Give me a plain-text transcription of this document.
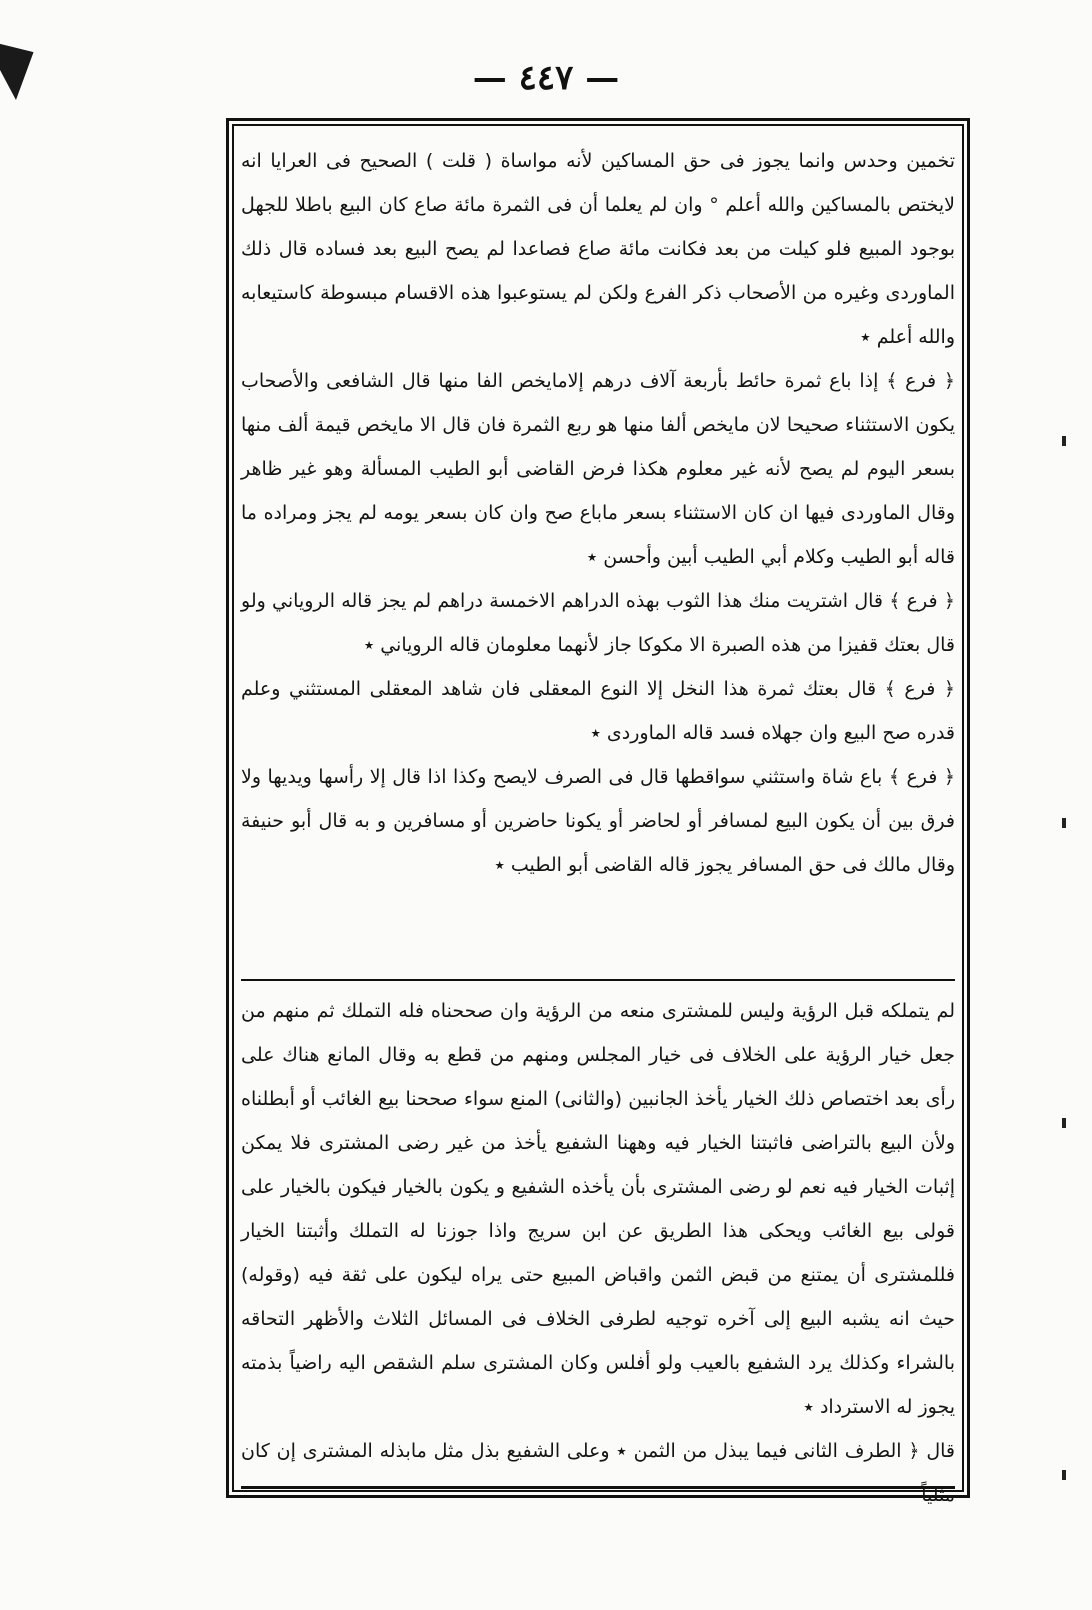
— ٤٤٧ —

تخمين وحدس وانما يجوز فى حق المساكين لأنه مواساة ( قلت ) الصحيح فى العرايا انه لايختص بالمساكين والله أعلم ° وان لم يعلما أن فى الثمرة مائة صاع كان البيع باطلا للجهل بوجود المبيع فلو كيلت من بعد فكانت مائة صاع فصاعدا لم يصح البيع بعد فساده قال ذلك الماوردى وغيره من الأصحاب ذكر الفرع ولكن لم يستوعبوا هذه الاقسام مبسوطة كاستيعابه والله أعلم ٭

﴿ فرع ﴾ إذا باع ثمرة حائط بأربعة آلاف درهم إلامايخص الفا منها قال الشافعى والأصحاب يكون الاستثناء صحيحا لان مايخص ألفا منها هو ربع الثمرة فان قال الا مايخص قيمة ألف منها بسعر اليوم لم يصح لأنه غير معلوم هكذا فرض القاضى أبو الطيب المسألة وهو غير ظاهر وقال الماوردى فيها ان كان الاستثناء بسعر ماباع صح وان كان بسعر يومه لم يجز ومراده ما قاله أبو الطيب وكلام أبي الطيب أبين وأحسن ٭

﴿ فرع ﴾ قال اشتريت منك هذا الثوب بهذه الدراهم الاخمسة دراهم لم يجز قاله الروياني ولو قال بعتك قفيزا من هذه الصبرة الا مكوكا جاز لأنهما معلومان قاله الروياني ٭

﴿ فرع ﴾ قال بعتك ثمرة هذا النخل إلا النوع المعقلى فان شاهد المعقلى المستثني وعلم قدره صح البيع وان جهلاه فسد قاله الماوردى ٭

﴿ فرع ﴾ باع شاة واستثني سواقطها قال فى الصرف لايصح وكذا اذا قال إلا رأسها ويديها ولا فرق بين أن يكون البيع لمسافر أو لحاضر أو يكونا حاضرين أو مسافرين و به قال أبو حنيفة وقال مالك فى حق المسافر يجوز قاله القاضى أبو الطيب ٭

لم يتملكه قبل الرؤية وليس للمشترى منعه من الرؤية وان صححناه فله التملك ثم منهم من جعل خيار الرؤية على الخلاف فى خيار المجلس ومنهم من قطع به وقال المانع هناك على رأى بعد اختصاص ذلك الخيار يأخذ الجانبين (والثانى) المنع سواء صححنا بيع الغائب أو أبطلناه ولأن البيع بالتراضى فاثبتنا الخيار فيه وههنا الشفيع يأخذ من غير رضى المشترى فلا يمكن إثبات الخيار فيه نعم لو رضى المشترى بأن يأخذه الشفيع و يكون بالخيار فيكون بالخيار على قولى بيع الغائب ويحكى هذا الطريق عن ابن سريج واذا جوزنا له التملك وأثبتنا الخيار فللمشترى أن يمتنع من قبض الثمن واقباض المبيع حتى يراه ليكون على ثقة فيه (وقوله) حيث انه يشبه البيع إلى آخره توجيه لطرفى الخلاف فى المسائل الثلاث والأظهر التحاقه بالشراء وكذلك يرد الشفيع بالعيب ولو أفلس وكان المشترى سلم الشقص اليه راضياً بذمته يجوز له الاسترداد ٭

قال ﴿ الطرف الثانى فيما يبذل من الثمن ٭ وعلى الشفيع بذل مثل مابذله المشترى إن كان مثلياً
